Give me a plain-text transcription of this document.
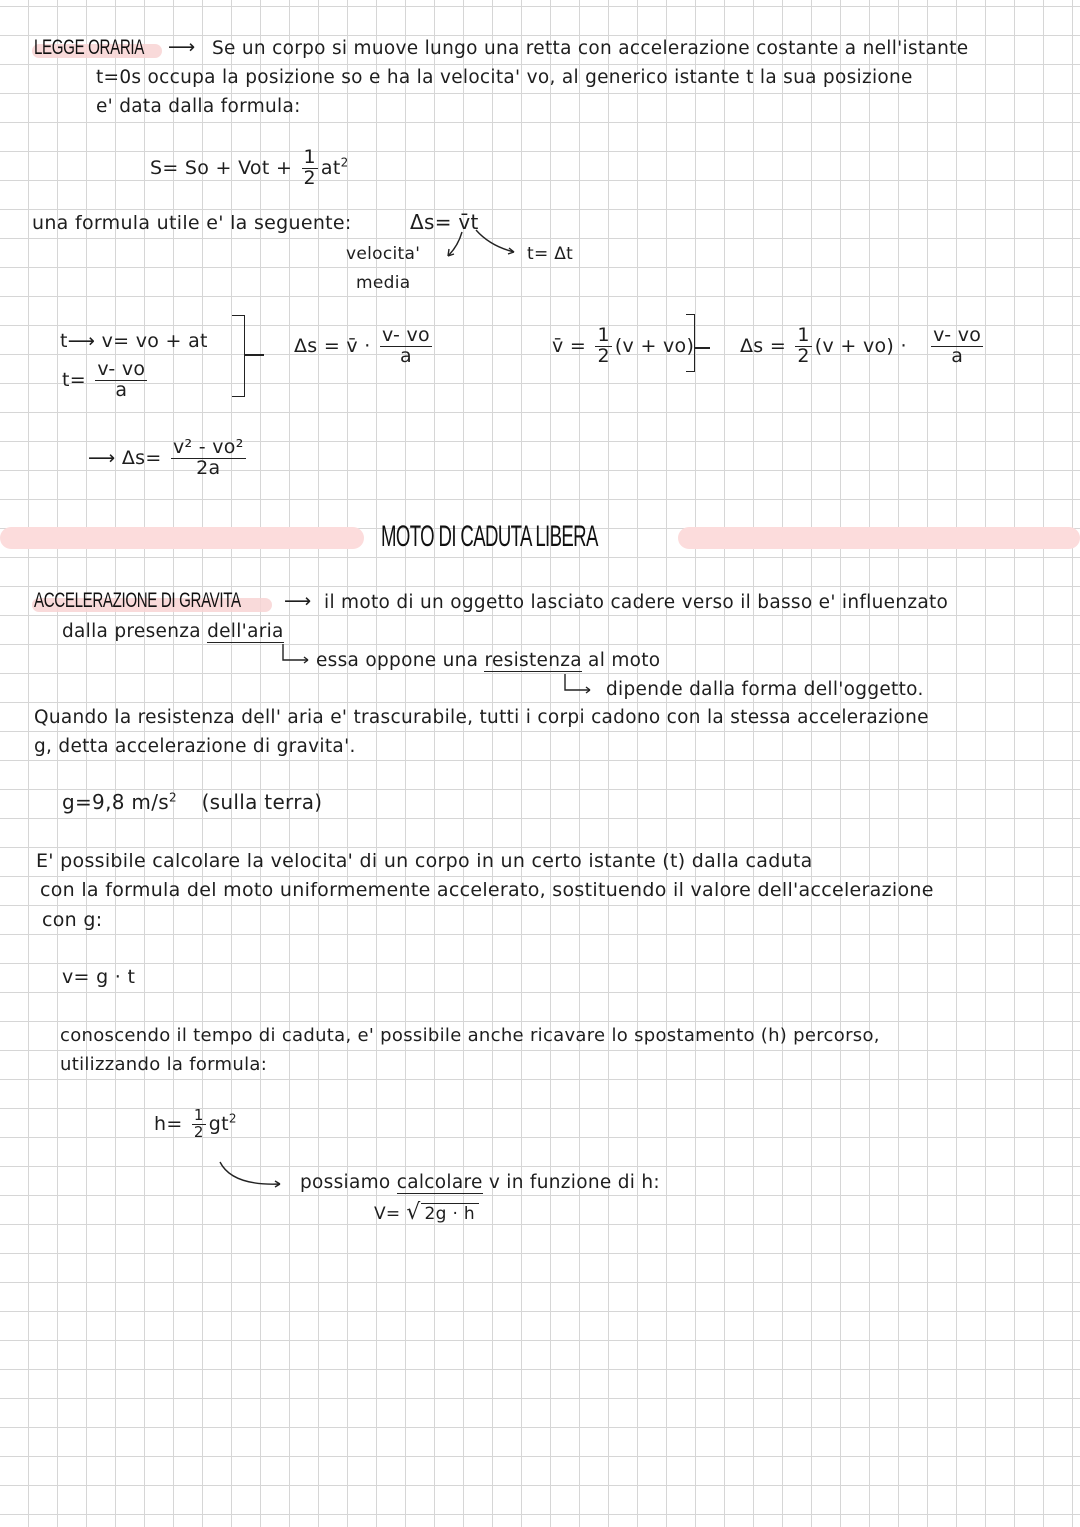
LEGGE ORARIA ⟶ Se un corpo si muove lungo una retta con accelerazione costante a nell'istante
t=0s occupa la posizione so e ha la velocita' vo, al generico istante t la sua posizione
e' data dalla formula:
S= So + Vot + $\frac{1}{2} at^2$
una formula utile e' la seguente:	Δs= v̄t
velocita'
media
t= Δt
t⟶ v= vo + at
$t= \frac{v- vo}{a}$
Δs = v̄ · $\frac{v- vo}{a}$	v̄ = $\frac{1}{2} (v + vo) \Delta s = \frac{1}{2} (v + vo) \cdot \frac{v- vo}{a}$
⟶ $\Delta s= \frac{\text{v² - vo²}}{2a}$
MOTO DI CADUTA LIBERA
ACCELERAZIONE DI GRAVITA ⟶ il moto di un oggetto lasciato cadere verso il basso e' influenzato
dalla presenza dell'aria
essa oppone una resistenza al moto
dipende dalla forma dell'oggetto.
Quando la resistenza dell' aria e' trascurabile, tutti i corpi cadono con la stessa accelerazione
g, detta accelerazione di gravita'.
g=9,8 $m/s^2$ (sulla terra)
E' possibile calcolare la velocita' di un corpo in un certo istante (t) dalla caduta
con la formula del moto uniformemente accelerato, sostituendo il valore dell'accelerazione
con g:
v= g · t
conoscendo il tempo di caduta, e' possibile anche ricavare lo spostamento (h) percorso,
utilizzando la formula:
$h= \frac{1}{2} gt^2$
possiamo calcolare v in funzione di h:
V= √ 2g · h
